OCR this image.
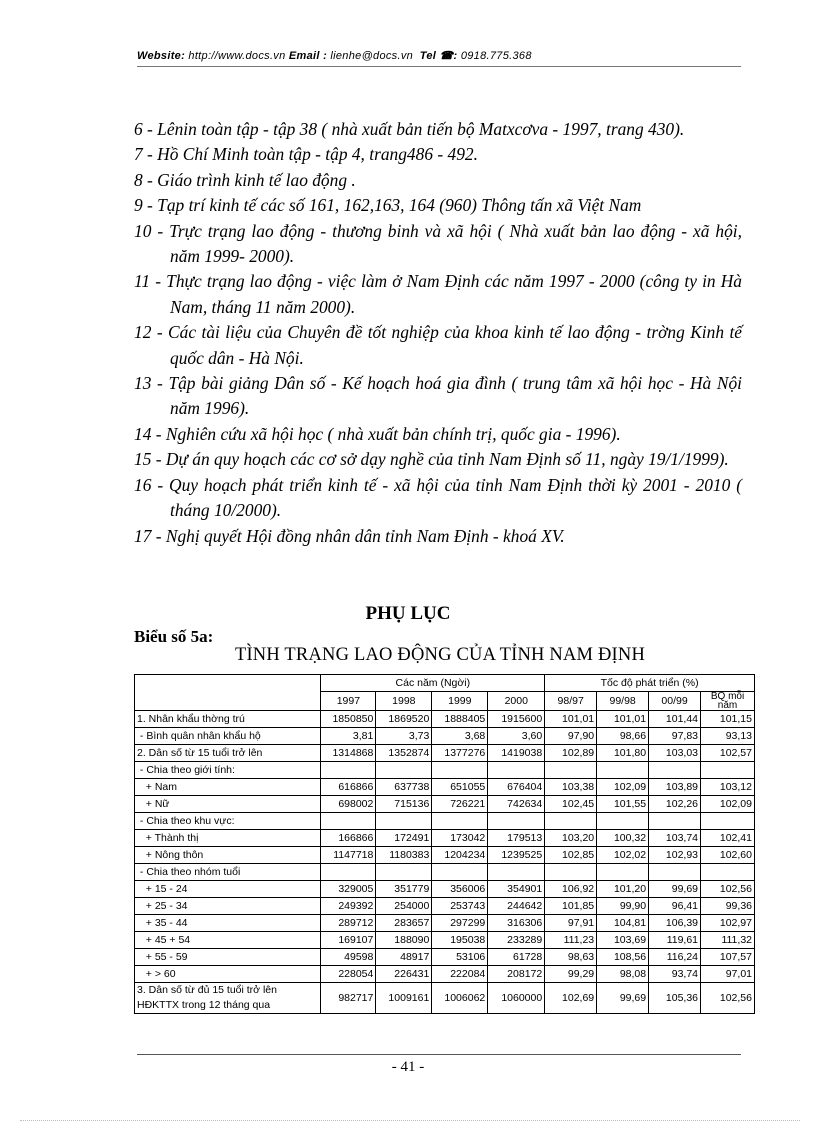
Website: http://www.docs.vn Email : lienhe@docs.vn Tel ☎: 0918.775.368

6 - Lênin toàn tập - tập 38 ( nhà xuất bản tiến bộ Matxcơva - 1997, trang 430).

7 - Hồ Chí Minh toàn tập - tập 4, trang486 - 492.

8 - Giáo trình kinh tế lao động .

9 - Tạp trí kinh tế các số 161, 162,163, 164 (960) Thông tấn xã Việt Nam

10 - Trực trạng lao động - thương binh và xã hội ( Nhà xuất bản lao động - xã hội, năm 1999- 2000).

11 - Thực trạng lao động - việc làm ở Nam Định các năm 1997 - 2000 (công ty in Hà Nam, tháng 11 năm 2000).

12 - Các tài liệu của Chuyên đề tốt nghiệp của khoa kinh tế lao động - trờng Kinh tế quốc dân - Hà Nội.

13 - Tập bài giảng Dân số - Kế hoạch hoá gia đình ( trung tâm xã hội học - Hà Nội năm 1996).

14 - Nghiên cứu xã hội học ( nhà xuất bản chính trị, quốc gia - 1996).

15 - Dự án quy hoạch các cơ sở dạy nghề của tỉnh Nam Định số 11, ngày 19/1/1999).

16 - Quy hoạch phát triển kinh tế - xã hội của tỉnh Nam Định thời kỳ 2001 - 2010 ( tháng 10/2000).

17 - Nghị quyết Hội đồng nhân dân tỉnh Nam Định - khoá XV.

PHỤ LỤC
Biểu số 5a:
TÌNH TRẠNG LAO ĐỘNG CỦA TỈNH NAM ĐỊNH
	Các năm (Ngời)				Tốc độ phát triển (%)			
	1997	1998	1999	2000	98/97	99/98	00/99	BQ mỗi năm
1. Nhân khẩu thờng trú	1850850	1869520	1888405	1915600	101,01	101,01	101,44	101,15
- Bình quân nhân khẩu hộ	3,81	3,73	3,68	3,60	97,90	98,66	97,83	93,13
2. Dân số từ 15 tuổi trở lên	1314868	1352874	1377276	1419038	102,89	101,80	103,03	102,57
- Chia theo giới tính:								
+ Nam	616866	637738	651055	676404	103,38	102,09	103,89	103,12
+ Nữ	698002	715136	726221	742634	102,45	101,55	102,26	102,09
- Chia theo khu vực:								
+ Thành thị	166866	172491	173042	179513	103,20	100,32	103,74	102,41
+ Nông thôn	1147718	1180383	1204234	1239525	102,85	102,02	102,93	102,60
- Chia theo nhóm tuổi								
+ 15 - 24	329005	351779	356006	354901	106,92	101,20	99,69	102,56
+ 25 - 34	249392	254000	253743	244642	101,85	99,90	96,41	99,36
+ 35 - 44	289712	283657	297299	316306	97,91	104,81	106,39	102,97
+ 45 + 54	169107	188090	195038	233289	111,23	103,69	119,61	111,32
+ 55 - 59	49598	48917	53106	61728	98,63	108,56	116,24	107,57
+ > 60	228054	226431	222084	208172	99,29	98,08	93,74	97,01
3. Dân số từ đủ 15 tuổi trở lên HĐKTTX trong 12 tháng qua	982717	1009161	1006062	1060000	102,69	99,69	105,36	102,56
- 41 -
